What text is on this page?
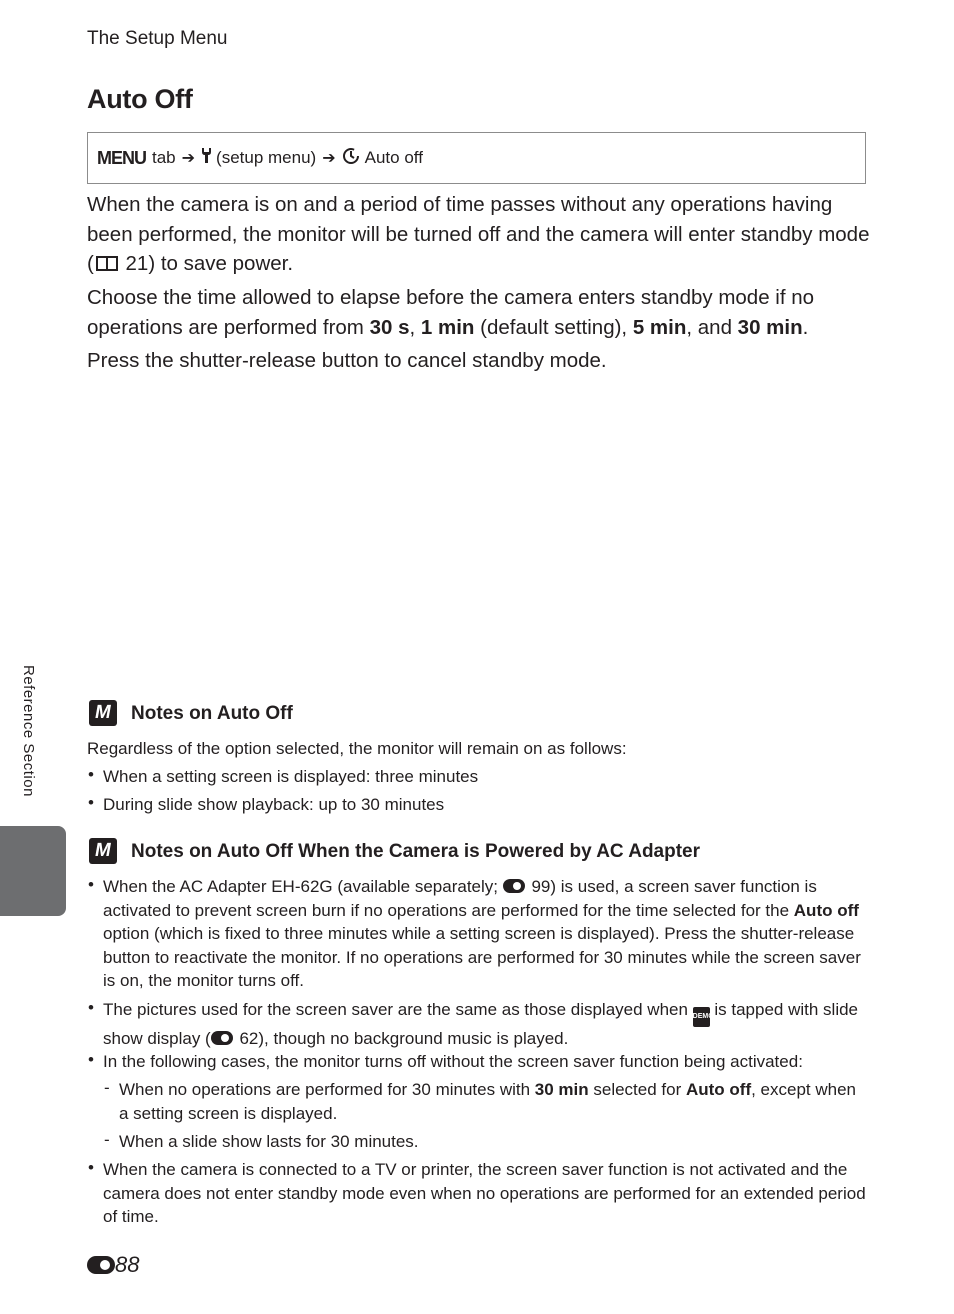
The Setup Menu
Auto Off
MENU tab ➔ (setup menu) ➔ Auto off

When the camera is on and a period of time passes without any operations having been performed, the monitor will be turned off and the camera will enter standby mode ( 21) to save power.

Choose the time allowed to elapse before the camera enters standby mode if no operations are performed from 30 s, 1 min (default setting), 5 min, and 30 min.

Press the shutter-release button to cancel standby mode.

Reference Section	M Notes on Auto Off
Regardless of the option selected, the monitor will remain on as follows:
• When a setting screen is displayed: three minutes
• During slide show playback: up to 30 minutes
M Notes on Auto Off When the Camera is Powered by AC Adapter
• When the AC Adapter EH-62G (available separately;  99) is used, a screen saver function is activated to prevent screen burn if no operations are performed for the time selected for the Auto off option (which is fixed to three minutes while a setting screen is displayed). Press the shutter-release button to reactivate the monitor. If no operations are performed for 30 minutes while the screen saver is on, the monitor turns off.

• The pictures used for the screen saver are the same as those displayed when DEMO is tapped with slide show display ( 62), though no background music is played.

• In the following cases, the monitor turns off without the screen saver function being activated:

- When no operations are performed for 30 minutes with 30 min selected for Auto off, except when a setting screen is displayed.

- When a slide show lasts for 30 minutes.

• When the camera is connected to a TV or printer, the screen saver function is not activated and the camera does not enter standby mode even when no operations are performed for an extended period of time.

88
